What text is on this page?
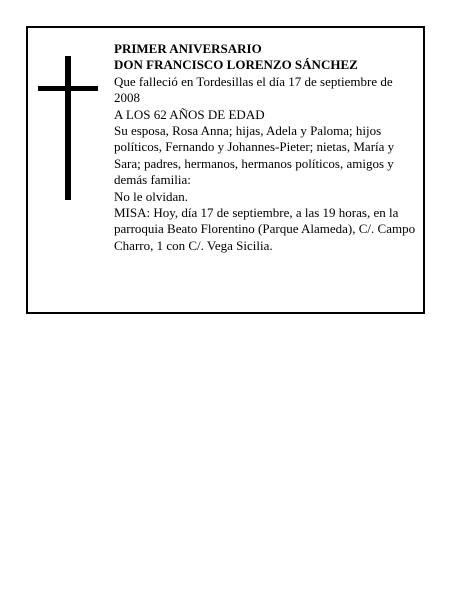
PRIMER ANIVERSARIO

DON FRANCISCO LORENZO SÁNCHEZ

Que falleció en Tordesillas el día 17 de septiembre de 2008

A LOS 62 AÑOS DE EDAD

Su esposa, Rosa Anna; hijas, Adela y Paloma; hijos políticos, Fernando y Johannes-Pieter; nietas, María y Sara; padres, hermanos, hermanos políticos, amigos y demás familia:

No le olvidan.

MISA: Hoy, día 17 de septiembre, a las 19 horas, en la parroquia Beato Florentino (Parque Alameda), C/. Campo Charro, 1 con C/. Vega Sicilia.
